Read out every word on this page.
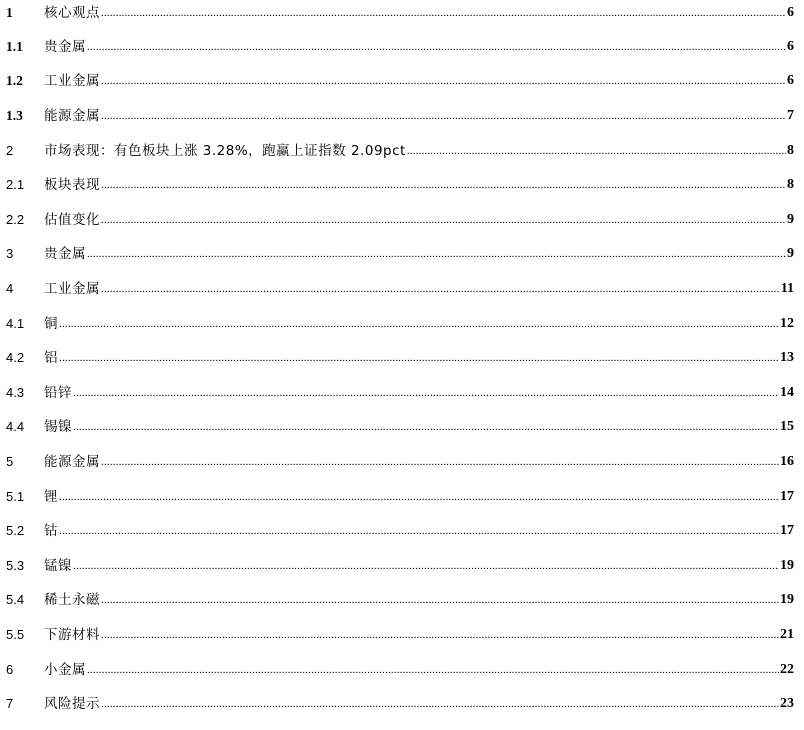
1	核心观点 .....	6
1.1	贵金属 .....	6
1.2	工业金属 .....	6
1.3	能源金属 .....	7
2	市场表现：有色板块上涨 3.28%，跑赢上证指数 2.09pct .....	8
2.1	板块表现 .....	8
2.2	估值变化 .....	9
3	贵金属 .....	9
4	工业金属 .....	11
4.1	铜 .....	12
4.2	铝 .....	13
4.3	铅锌 .....	14
4.4	锡镍 .....	15
5	能源金属 .....	16
5.1	锂 .....	17
5.2	钴 .....	17
5.3	锰镍 .....	19
5.4	稀土永磁 .....	19
5.5	下游材料 .....	21
6	小金属 .....	22
7	风险提示 .....	23
